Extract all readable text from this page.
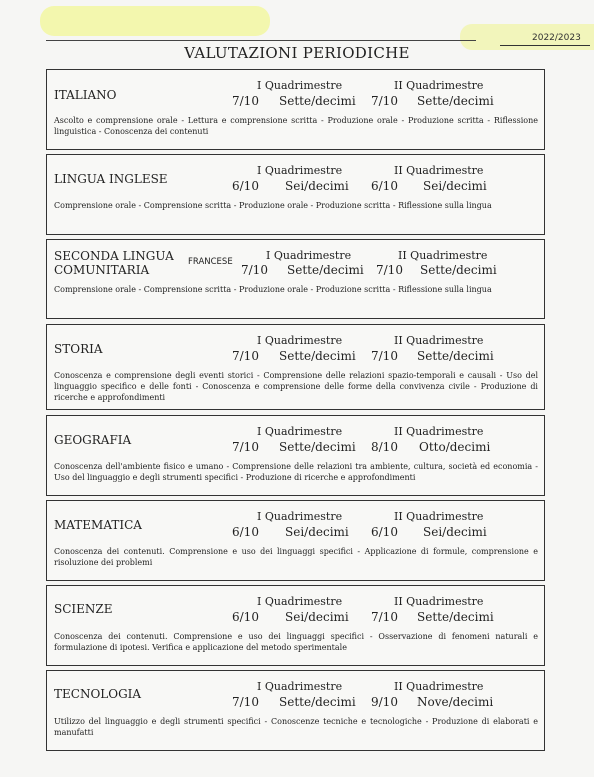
2022/2023
VALUTAZIONI PERIODICHE
ITALIANO
I Quadrimestre	II Quadrimestre
7/10 Sette/decimi 7/10 Sette/decimi
Ascolto e comprensione orale - Lettura e comprensione scritta - Produzione orale - Produzione scritta - Riflessione linguistica - Conoscenza dei contenuti
LINGUA INGLESE
I Quadrimestre	II Quadrimestre
6/10 Sei/decimi 6/10 Sei/decimi
Comprensione orale - Comprensione scritta - Produzione orale - Produzione scritta - Riflessione sulla lingua
SECONDA LINGUA
COMUNITARIA
FRANCESE	I Quadrimestre	II Quadrimestre
7/10 Sette/decimi 7/10 Sette/decimi
Comprensione orale - Comprensione scritta - Produzione orale - Produzione scritta - Riflessione sulla lingua
STORIA
I Quadrimestre	II Quadrimestre
7/10 Sette/decimi 7/10 Sette/decimi
Conoscenza e comprensione degli eventi storici - Comprensione delle relazioni spazio-temporali e causali - Uso del linguaggio specifico e delle fonti - Conoscenza e comprensione delle forme della convivenza civile - Produzione di ricerche e approfondimenti
GEOGRAFIA
I Quadrimestre	II Quadrimestre
7/10 Sette/decimi 8/10 Otto/decimi
Conoscenza dell'ambiente fisico e umano - Comprensione delle relazioni tra ambiente, cultura, società ed economia - Uso del linguaggio e degli strumenti specifici - Produzione di ricerche e approfondimenti
MATEMATICA
I Quadrimestre	II Quadrimestre
6/10 Sei/decimi 6/10 Sei/decimi
Conoscenza dei contenuti. Comprensione e uso dei linguaggi specifici - Applicazione di formule, comprensione e risoluzione dei problemi
SCIENZE
I Quadrimestre	II Quadrimestre
6/10 Sei/decimi 7/10 Sette/decimi
Conoscenza dei contenuti. Comprensione e uso dei linguaggi specifici - Osservazione di fenomeni naturali e formulazione di ipotesi. Verifica e applicazione del metodo sperimentale
TECNOLOGIA
I Quadrimestre	II Quadrimestre
7/10 Sette/decimi 9/10 Nove/decimi
Utilizzo del linguaggio e degli strumenti specifici - Conoscenze tecniche e tecnologiche - Produzione di elaborati e manufatti
